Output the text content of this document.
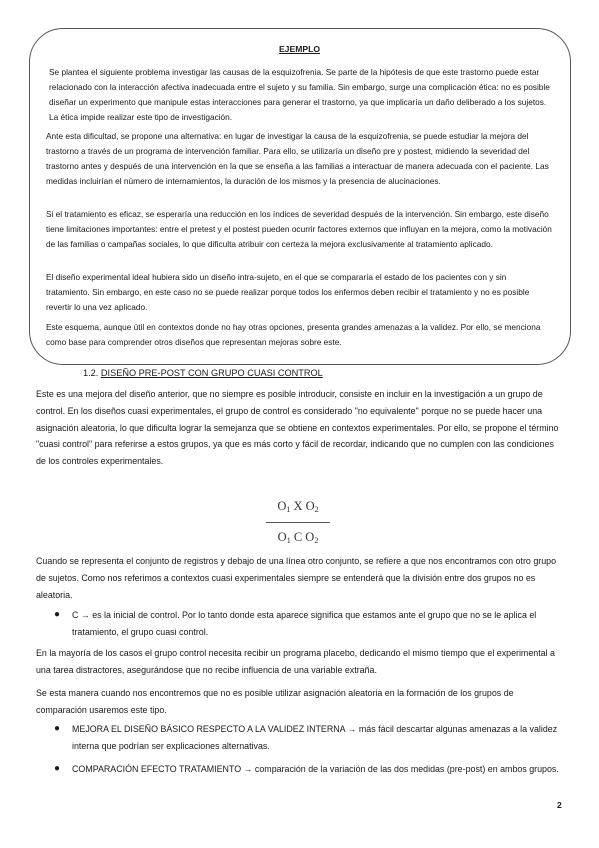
EJEMPLO

Se plantea el siguiente problema investigar las causas de la esquizofrenia. Se parte de la hipótesis de que este trastorno puede estar relacionado con la interacción afectiva inadecuada entre el sujeto y su familia. Sin embargo, surge una complicación ética: no es posible diseñar un experimento que manipule estas interacciones para generar el trastorno, ya que implicaría un daño deliberado a los sujetos. La ética impide realizar este tipo de investigación.

Ante esta dificultad, se propone una alternativa: en lugar de investigar la causa de la esquizofrenia, se puede estudiar la mejora del trastorno a través de un programa de intervención familiar. Para ello, se utilizaría un diseño pre y postest, midiendo la severidad del trastorno antes y después de una intervención en la que se enseña a las familias a interactuar de manera adecuada con el paciente. Las medidas incluirían el número de internamientos, la duración de los mismos y la presencia de alucinaciones.

Si el tratamiento es eficaz, se esperaría una reducción en los índices de severidad después de la intervención. Sin embargo, este diseño tiene limitaciones importantes: entre el pretest y el postest pueden ocurrir factores externos que influyan en la mejora, como la motivación de las familias o campañas sociales, lo que dificulta atribuir con certeza la mejora exclusivamente al tratamiento aplicado.

El diseño experimental ideal hubiera sido un diseño intra-sujeto, en el que se compararía el estado de los pacientes con y sin tratamiento. Sin embargo, en este caso no se puede realizar porque todos los enfermos deben recibir el tratamiento y no es posible revertir lo una vez aplicado.

Este esquema, aunque útil en contextos donde no hay otras opciones, presenta grandes amenazas a la validez. Por ello, se menciona como base para comprender otros diseños que representan mejoras sobre este.

1.2. DISEÑO PRE-POST CON GRUPO CUASI CONTROL

Este es una mejora del diseño anterior, que no siempre es posible introducir, consiste en incluir en la investigación a un grupo de control. En los diseños cuasi experimentales, el grupo de control es considerado "no equivalente" porque no se puede hacer una asignación aleatoria, lo que dificulta lograr la semejanza que se obtiene en contextos experimentales. Por ello, se propone el término "cuasi control" para referirse a estos grupos, ya que es más corto y fácil de recordar, indicando que no cumplen con las condiciones de los controles experimentales.

$O_1$ X $O_2$
$O_1$ C $O_2$

Cuando se representa el conjunto de registros y debajo de una línea otro conjunto, se refiere a que nos encontramos con otro grupo de sujetos. Como nos referimos a contextos cuasi experimentales siempre se entenderá que la división entre dos grupos no es aleatoria.

● C → es la inicial de control. Por lo tanto donde esta aparece significa que estamos ante el grupo que no se le aplica el tratamiento, el grupo cuasi control.

En la mayoría de los casos el grupo control necesita recibir un programa placebo, dedicando el mismo tiempo que el experimental a una tarea distractores, asegurándose que no recibe influencia de una variable extraña.

Se esta manera cuando nos encontremos que no es posible utilizar asignación aleatoria en la formación de los grupos de comparación usaremos este tipo.

● MEJORA EL DISEÑO BÁSICO RESPECTO A LA VALIDEZ INTERNA → más fácil descartar algunas amenazas a la validez interna que podrían ser explicaciones alternativas.
● COMPARACIÓN EFECTO TRATAMIENTO → comparación de la variación de las dos medidas (pre-post) en ambos grupos.
2
